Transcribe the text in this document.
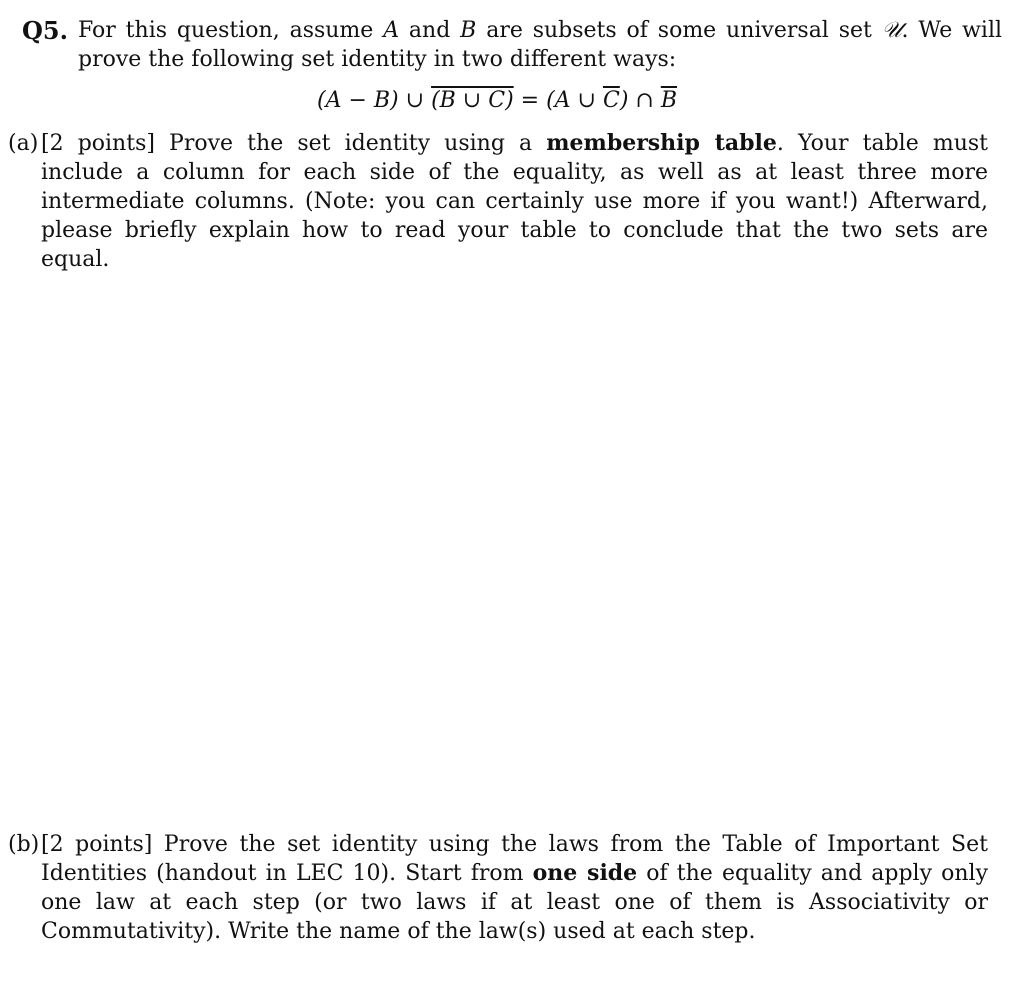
Q5. For this question, assume A and B are subsets of some universal set 𝒰. We will prove the following set identity in two different ways:
(A − B) ∪ (B ∪ C) = (A ∪ $\overline{C}$) ∩ $\overline{B}$
(a) [2 points] Prove the set identity using a membership table. Your table must include a column for each side of the equality, as well as at least three more intermediate columns. (Note: you can certainly use more if you want!) Afterward, please briefly explain how to read your table to conclude that the two sets are equal.
(b) [2 points] Prove the set identity using the laws from the Table of Important Set Identities (handout in LEC 10). Start from one side of the equality and apply only one law at each step (or two laws if at least one of them is Associativity or Commutativity). Write the name of the law(s) used at each step.
